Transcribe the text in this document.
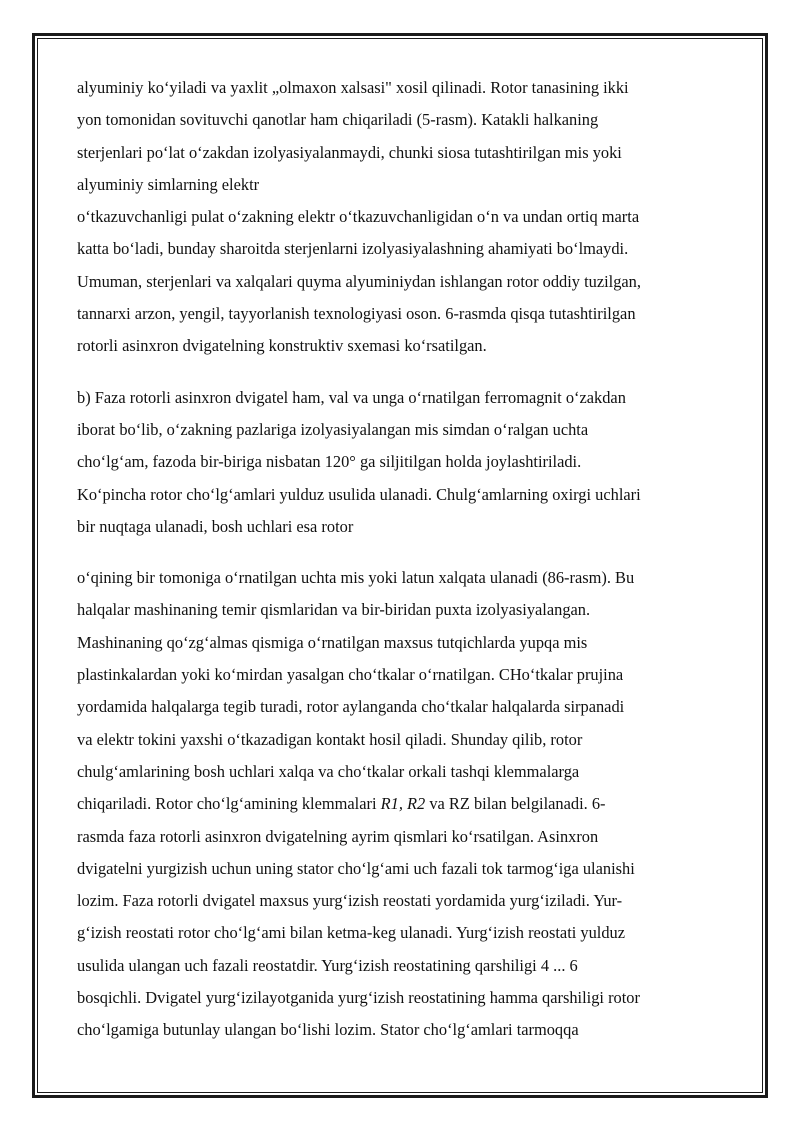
alyuminiy ko‘yiladi va yaxlit „olmaxon xalsasi" xosil qilinadi. Rotor tanasining ikki
yon tomonidan sovituvchi qanotlar ham chiqariladi (5-rasm). Katakli halkaning
sterjenlari po‘lat o‘zakdan izolyasiyalanmaydi, chunki siosa tutashtirilgan mis yoki
alyuminiy simlarning elektr
o‘tkazuvchanligi pulat o‘zakning elektr o‘tkazuvchanligidan o‘n va undan ortiq marta
katta bo‘ladi, bunday sharoitda sterjenlarni izolyasiyalashning ahamiyati bo‘lmaydi.
Umuman, sterjenlari va xalqalari quyma alyuminiydan ishlangan rotor oddiy tuzilgan,
tannarxi arzon, yengil, tayyorlanish texnologiyasi oson. 6-rasmda qisqa tutashtirilgan
rotorli asinxron dvigatelning konstruktiv sxemasi ko‘rsatilgan.

b) Faza rotorli asinxron dvigatel ham, val va unga o‘rnatilgan ferromagnit o‘zakdan
iborat bo‘lib, o‘zakning pazlariga izolyasiyalangan mis simdan o‘ralgan uchta
cho‘lg‘am, fazoda bir-biriga nisbatan 120° ga siljitilgan holda joylashtiriladi.
Ko‘pincha rotor cho‘lg‘amlari yulduz usulida ulanadi. Chulg‘amlarning oxirgi uchlari
bir nuqtaga ulanadi, bosh uchlari esa rotor

o‘qining bir tomoniga o‘rnatilgan uchta mis yoki latun xalqata ulanadi (86-rasm). Bu
halqalar mashinaning temir qismlaridan va bir-biridan puxta izolyasiyalangan.
Mashinaning qo‘zg‘almas qismiga o‘rnatilgan maxsus tutqichlarda yupqa mis
plastinkalardan yoki ko‘mirdan yasalgan cho‘tkalar o‘rnatilgan. CHo‘tkalar prujina
yordamida halqalarga tegib turadi, rotor aylanganda cho‘tkalar halqalarda sirpanadi
va elektr tokini yaxshi o‘tkazadigan kontakt hosil qiladi. Shunday qilib, rotor
chulg‘amlarining bosh uchlari xalqa va cho‘tkalar orkali tashqi klemmalarga
chiqariladi. Rotor cho‘lg‘amining klemmalari R1, R2 va RZ bilan belgilanadi. 6-
rasmda faza rotorli asinxron dvigatelning ayrim qismlari ko‘rsatilgan. Asinxron
dvigatelni yurgizish uchun uning stator cho‘lg‘ami uch fazali tok tarmog‘iga ulanishi
lozim. Faza rotorli dvigatel maxsus yurg‘izish reostati yordamida yurg‘iziladi. Yur-
g‘izish reostati rotor cho‘lg‘ami bilan ketma-keg ulanadi. Yurg‘izish reostati yulduz
usulida ulangan uch fazali reostatdir. Yurg‘izish reostatining qarshiligi 4 ... 6
bosqichli. Dvigatel yurg‘izilayotganida yurg‘izish reostatining hamma qarshiligi rotor
cho‘lgamiga butunlay ulangan bo‘lishi lozim. Stator cho‘lg‘amlari tarmoqqa
